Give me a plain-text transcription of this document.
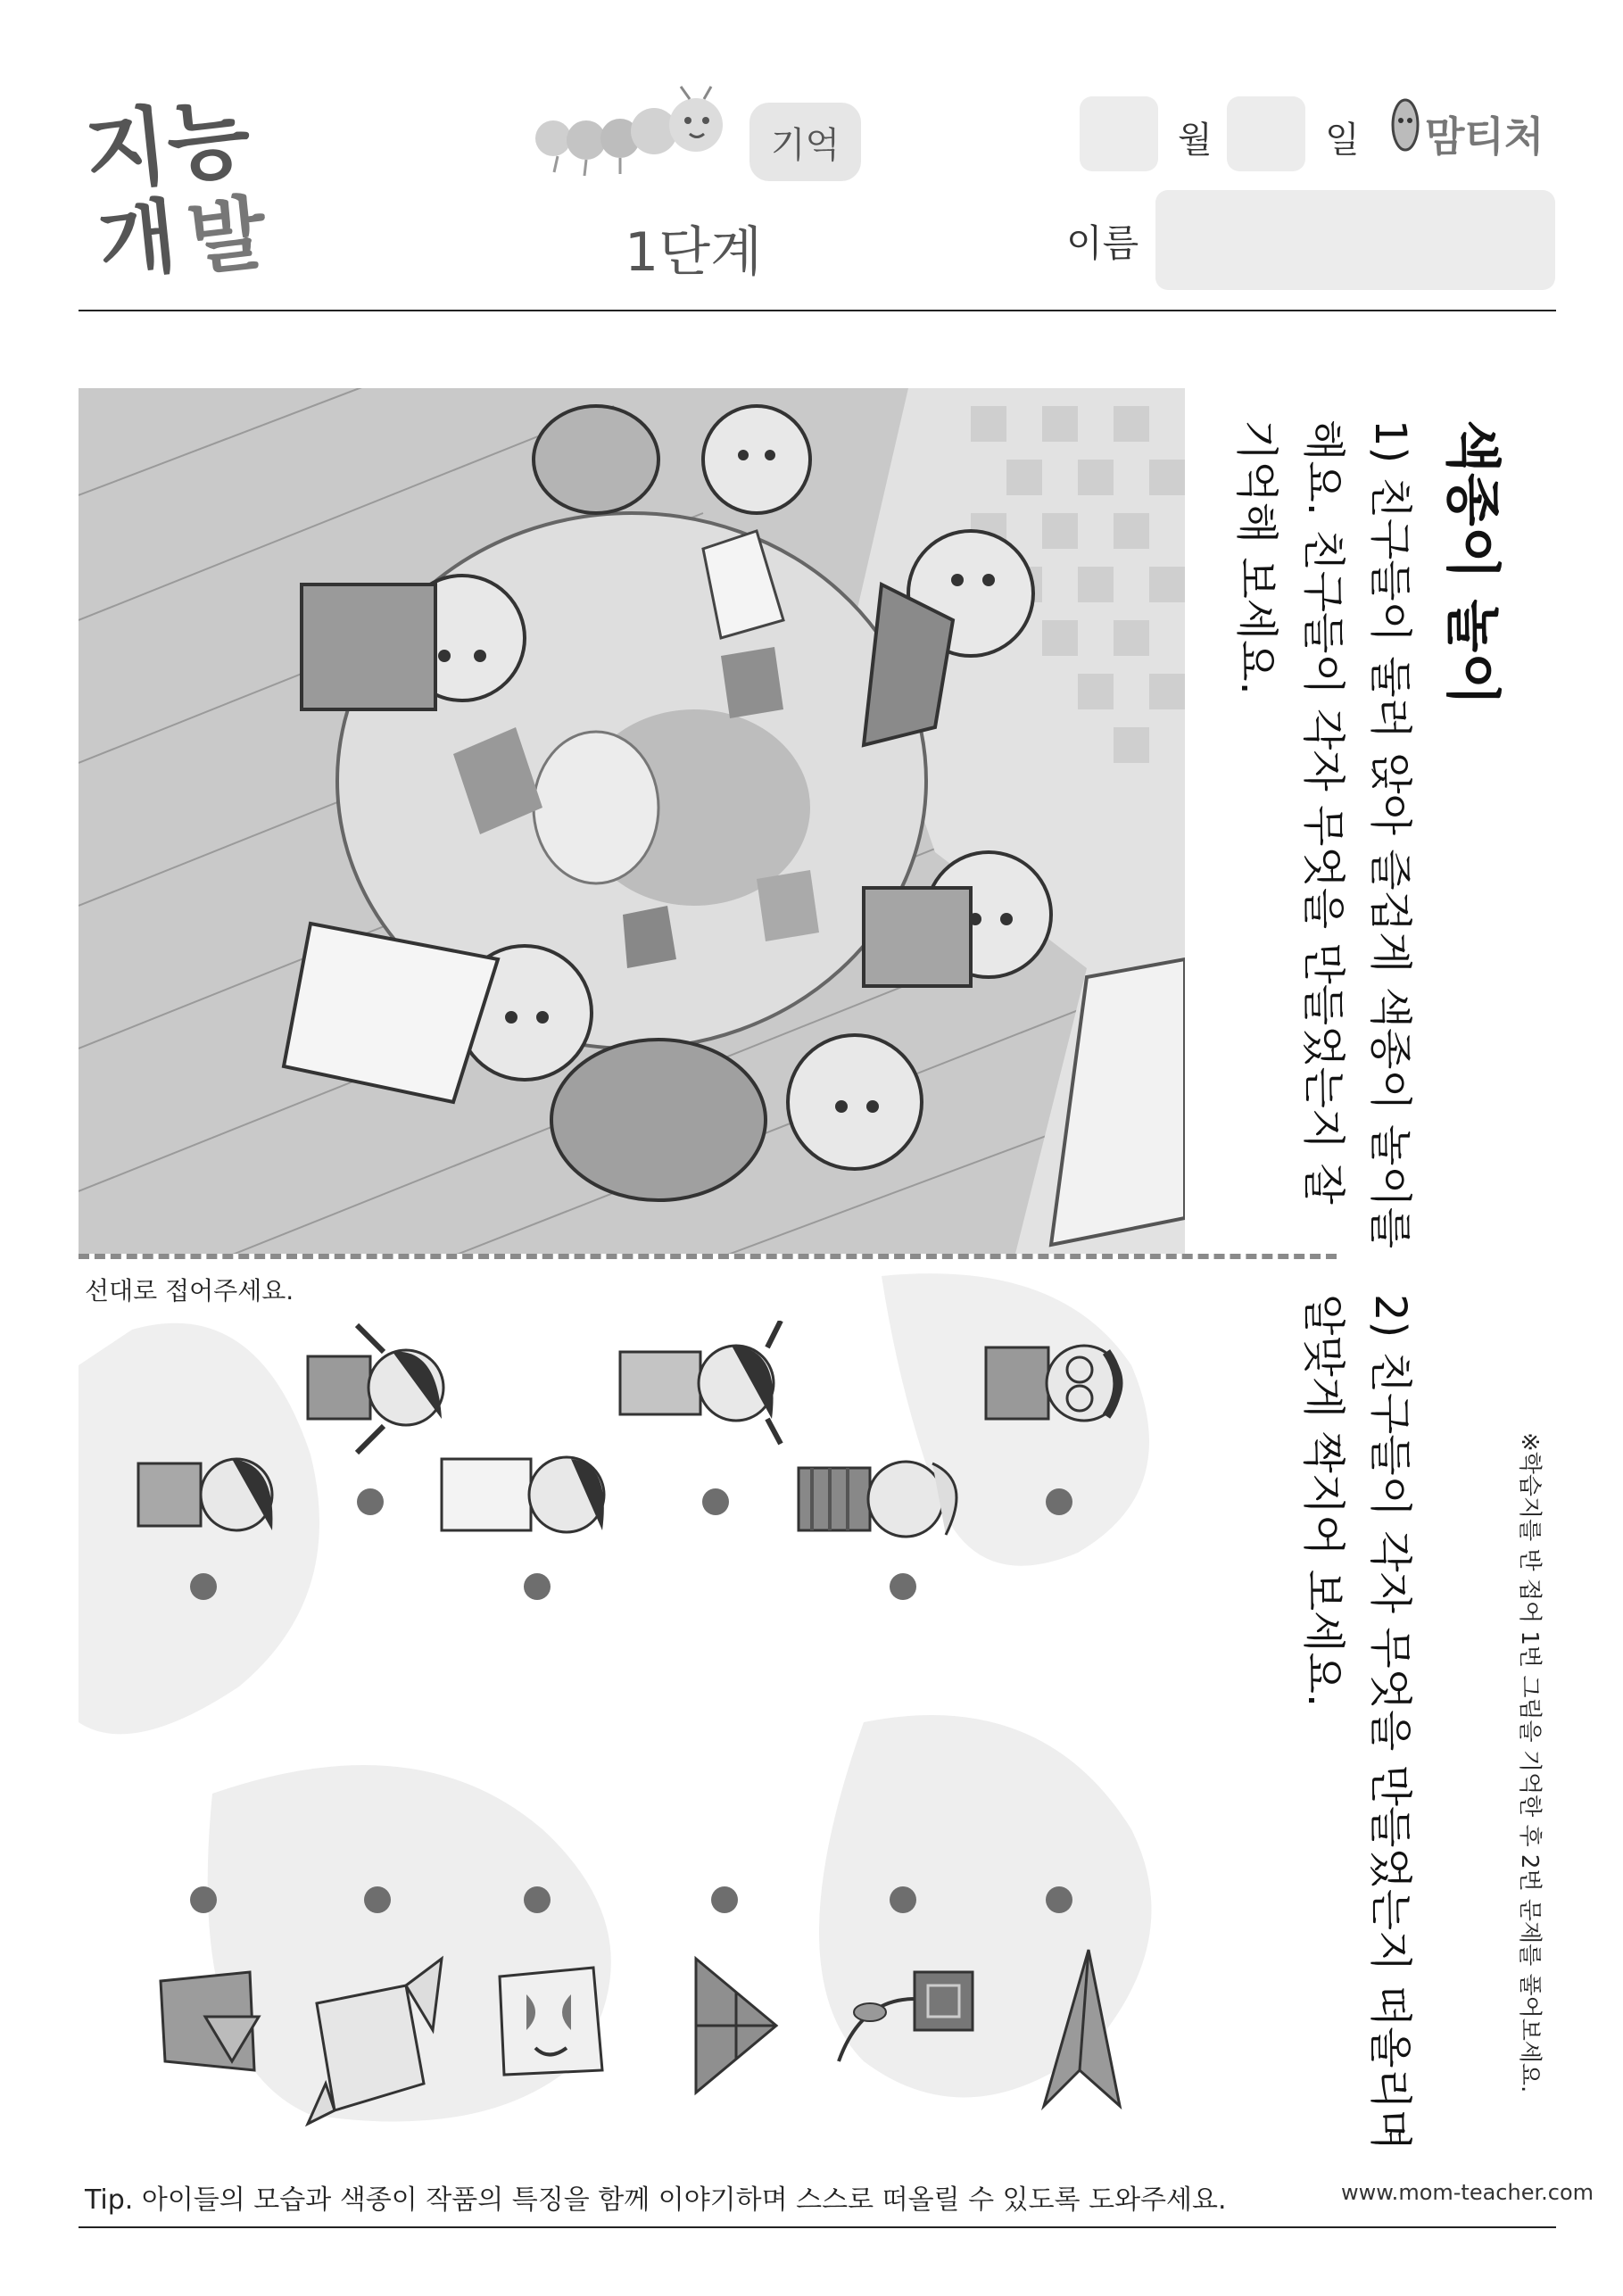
지능
발
개
기억
1단계
월	일 맘티처
이름
선대로 접어주세요.
색종이 놀이
1) 친구들이 둘러 앉아 즐겁게 색종이 놀이를
해요. 친구들이 각자 무엇을 만들었는지 잘
기억해 보세요.
2) 친구들이 각자 무엇을 만들었는지 떠올리며
알맞게 짝지어 보세요.	※학습지를 반 접어 1번 그림을 기억한 후 2번 문제를 풀어보세요.
Tip. 아이들의 모습과 색종이 작품의 특징을 함께 이야기하며 스스로 떠올릴 수 있도록 도와주세요.	www.mom-teacher.com
